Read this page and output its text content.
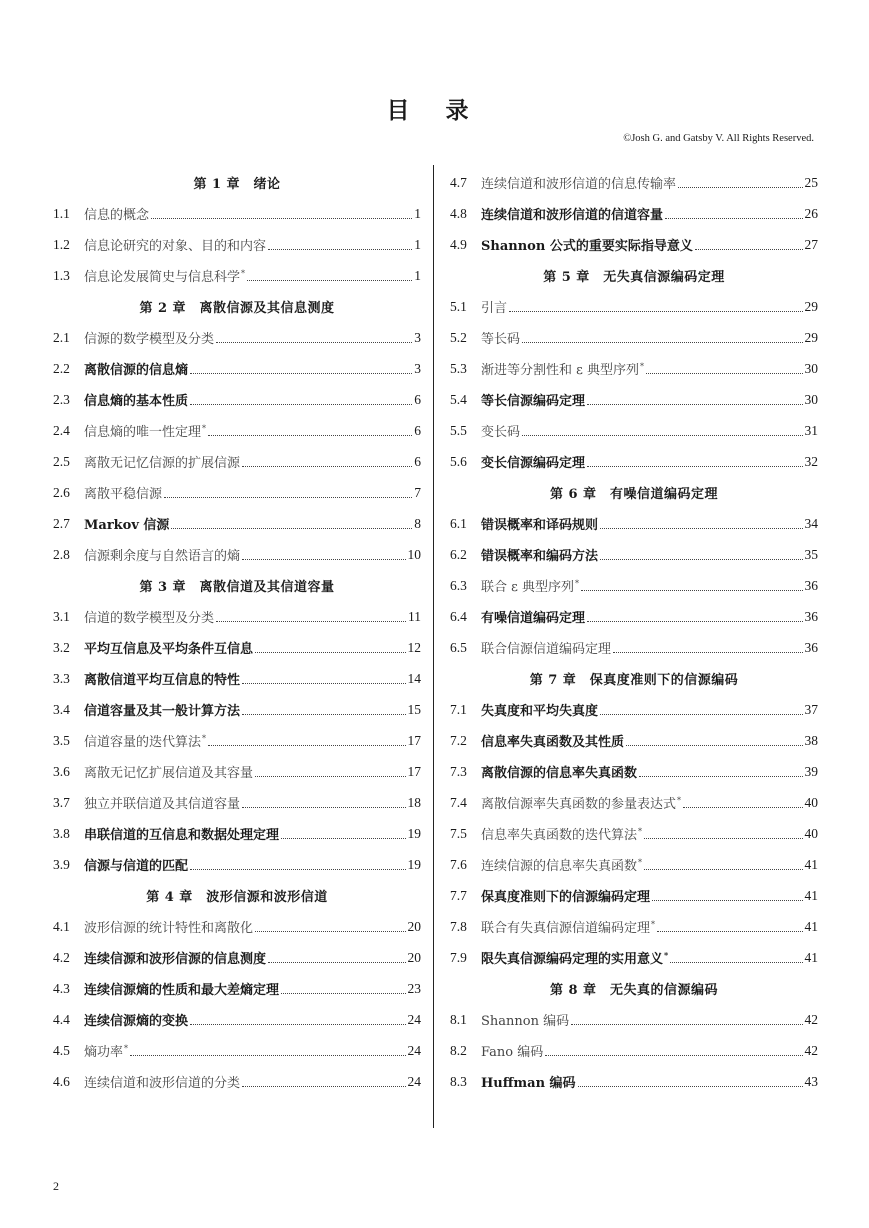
目 录
©Josh G. and Gatsby V. All Rights Reserved.
第 1 章　绪论
1.1	信息的概念	1
1.2	信息论研究的对象、目的和内容	1
1.3	信息论发展简史与信息科学*	1
第 2 章　离散信源及其信息测度
2.1	信源的数学模型及分类	3
2.2	离散信源的信息熵	3
2.3	信息熵的基本性质	6
2.4	信息熵的唯一性定理*	6
2.5	离散无记忆信源的扩展信源	6
2.6	离散平稳信源	7
2.7	Markov 信源	8
2.8	信源剩余度与自然语言的熵	10
第 3 章　离散信道及其信道容量
3.1	信道的数学模型及分类	11
3.2	平均互信息及平均条件互信息	12
3.3	离散信道平均互信息的特性	14
3.4	信道容量及其一般计算方法	15
3.5	信道容量的迭代算法*	17
3.6	离散无记忆扩展信道及其容量	17
3.7	独立并联信道及其信道容量	18
3.8	串联信道的互信息和数据处理定理	19
3.9	信源与信道的匹配	19
第 4 章　波形信源和波形信道
4.1	波形信源的统计特性和离散化	20
4.2	连续信源和波形信源的信息测度	20
4.3	连续信源熵的性质和最大差熵定理	23
4.4	连续信源熵的变换	24
4.5	熵功率*	24
4.6	连续信道和波形信道的分类	24
4.7	连续信道和波形信道的信息传输率	25
4.8	连续信道和波形信道的信道容量	26
4.9	Shannon 公式的重要实际指导意义	27
第 5 章　无失真信源编码定理
5.1	引言	29
5.2	等长码	29
5.3	渐进等分割性和 ε 典型序列*	30
5.4	等长信源编码定理	30
5.5	变长码	31
5.6	变长信源编码定理	32
第 6 章　有噪信道编码定理
6.1	错误概率和译码规则	34
6.2	错误概率和编码方法	35
6.3	联合 ε 典型序列*	36
6.4	有噪信道编码定理	36
6.5	联合信源信道编码定理	36
第 7 章　保真度准则下的信源编码
7.1	失真度和平均失真度	37
7.2	信息率失真函数及其性质	38
7.3	离散信源的信息率失真函数	39
7.4	离散信源率失真函数的参量表达式*	40
7.5	信息率失真函数的迭代算法*	40
7.6	连续信源的信息率失真函数*	41
7.7	保真度准则下的信源编码定理	41
7.8	联合有失真信源信道编码定理*	41
7.9	限失真信源编码定理的实用意义*	41
第 8 章　无失真的信源编码
8.1	Shannon 编码	42
8.2	Fano 编码	42
8.3	Huffman 编码	43
2
